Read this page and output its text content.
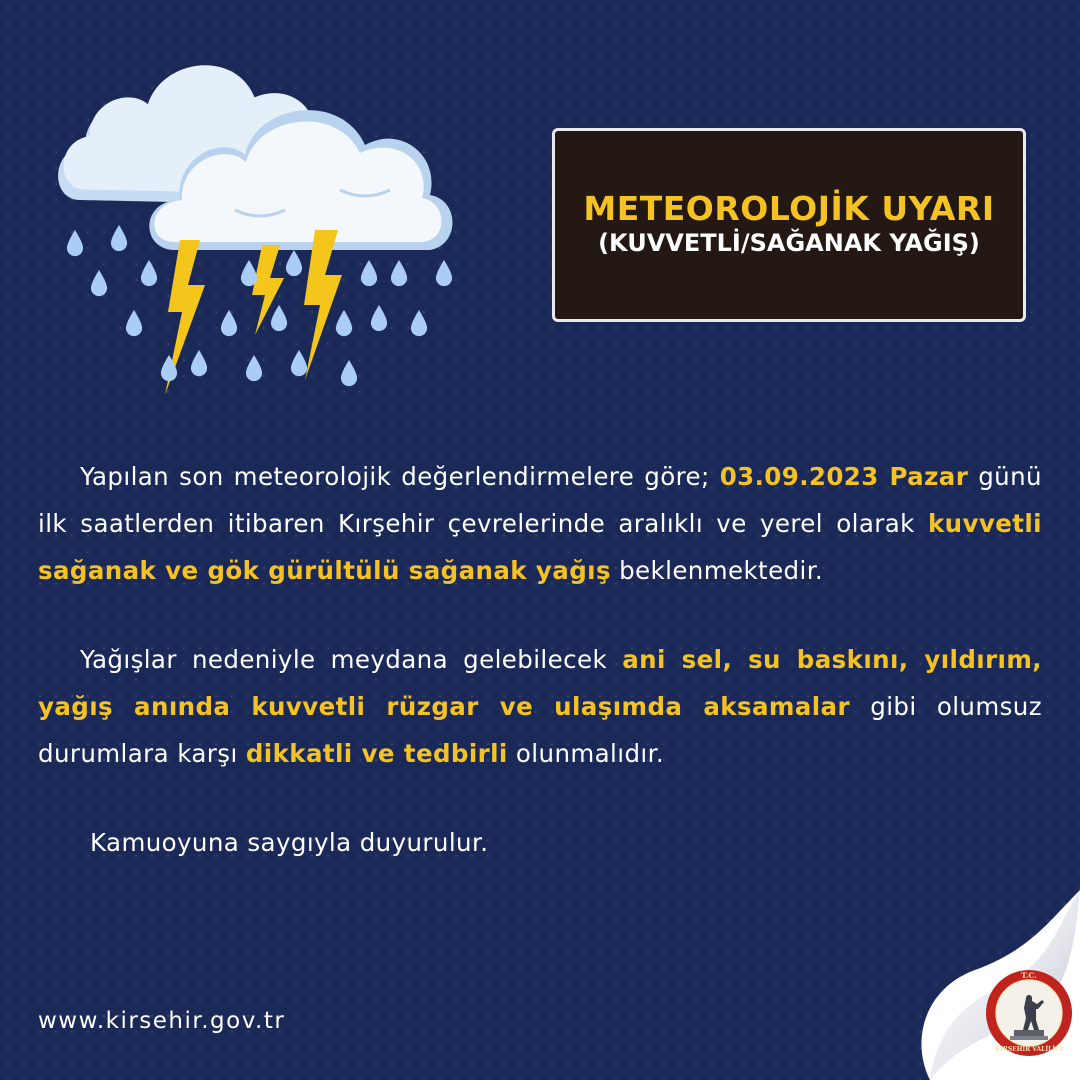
METEOROLOJİK UYARI
(KUVVETLİ/SAĞANAK YAĞIŞ)

Yapılan son meteorolojik değerlendirmelere göre; 03.09.2023 Pazar günü ilk saatlerden itibaren Kırşehir çevrelerinde aralıklı ve yerel olarak kuvvetli sağanak ve gök gürültülü sağanak yağış beklenmektedir.

Yağışlar nedeniyle meydana gelebilecek ani sel, su baskını, yıldırım, yağış anında kuvvetli rüzgar ve ulaşımda aksamalar gibi olumsuz durumlara karşı dikkatli ve tedbirli olunmalıdır.

Kamuoyuna saygıyla duyurulur.

www.kirsehir.gov.tr
T.C.
KIRŞEHİR VALİLİĞİ
